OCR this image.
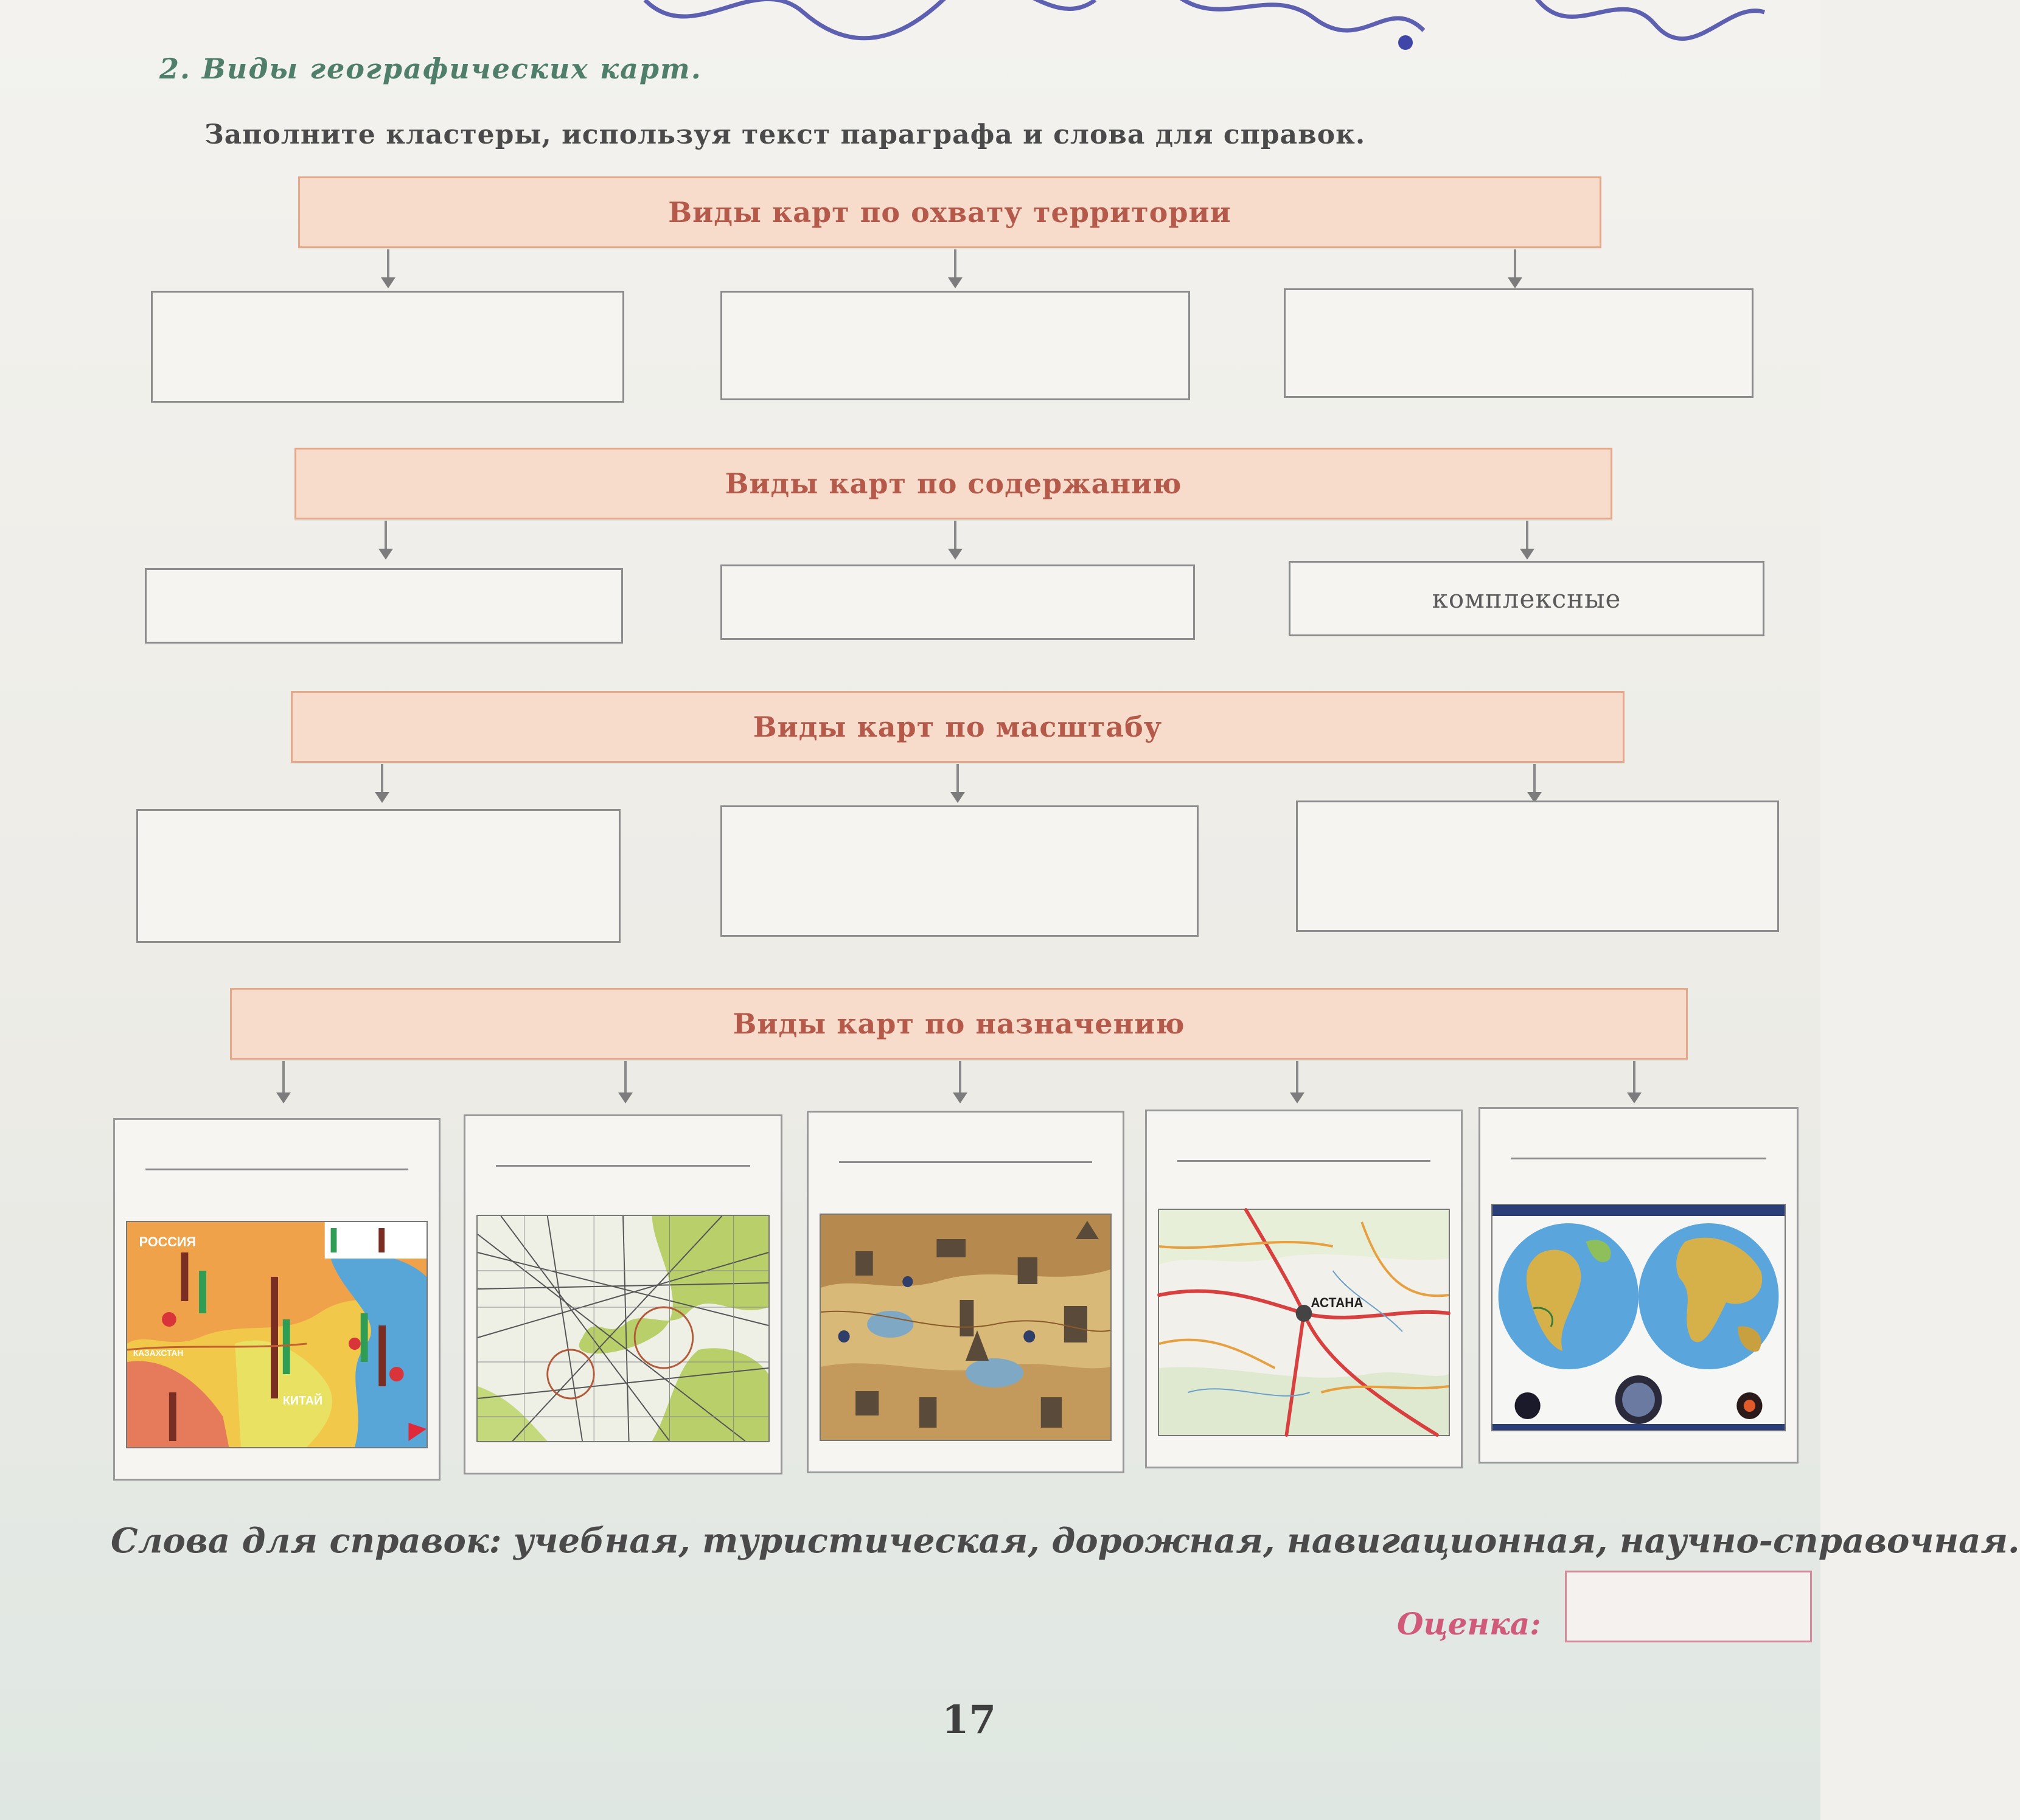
2. Виды географических карт.
Заполните кластеры, используя текст параграфа и слова для справок.
Виды карт по охвату территории
Виды карт по содержанию
комплексные
Виды карт по масштабу
Виды карт по назначению
РОССИЯ
КАЗАХСТАН
КИТАЙ
АСТАНА
Слова для справок: учебная, туристическая, дорожная, навигационная, научно-справочная.
Оценка:
17
